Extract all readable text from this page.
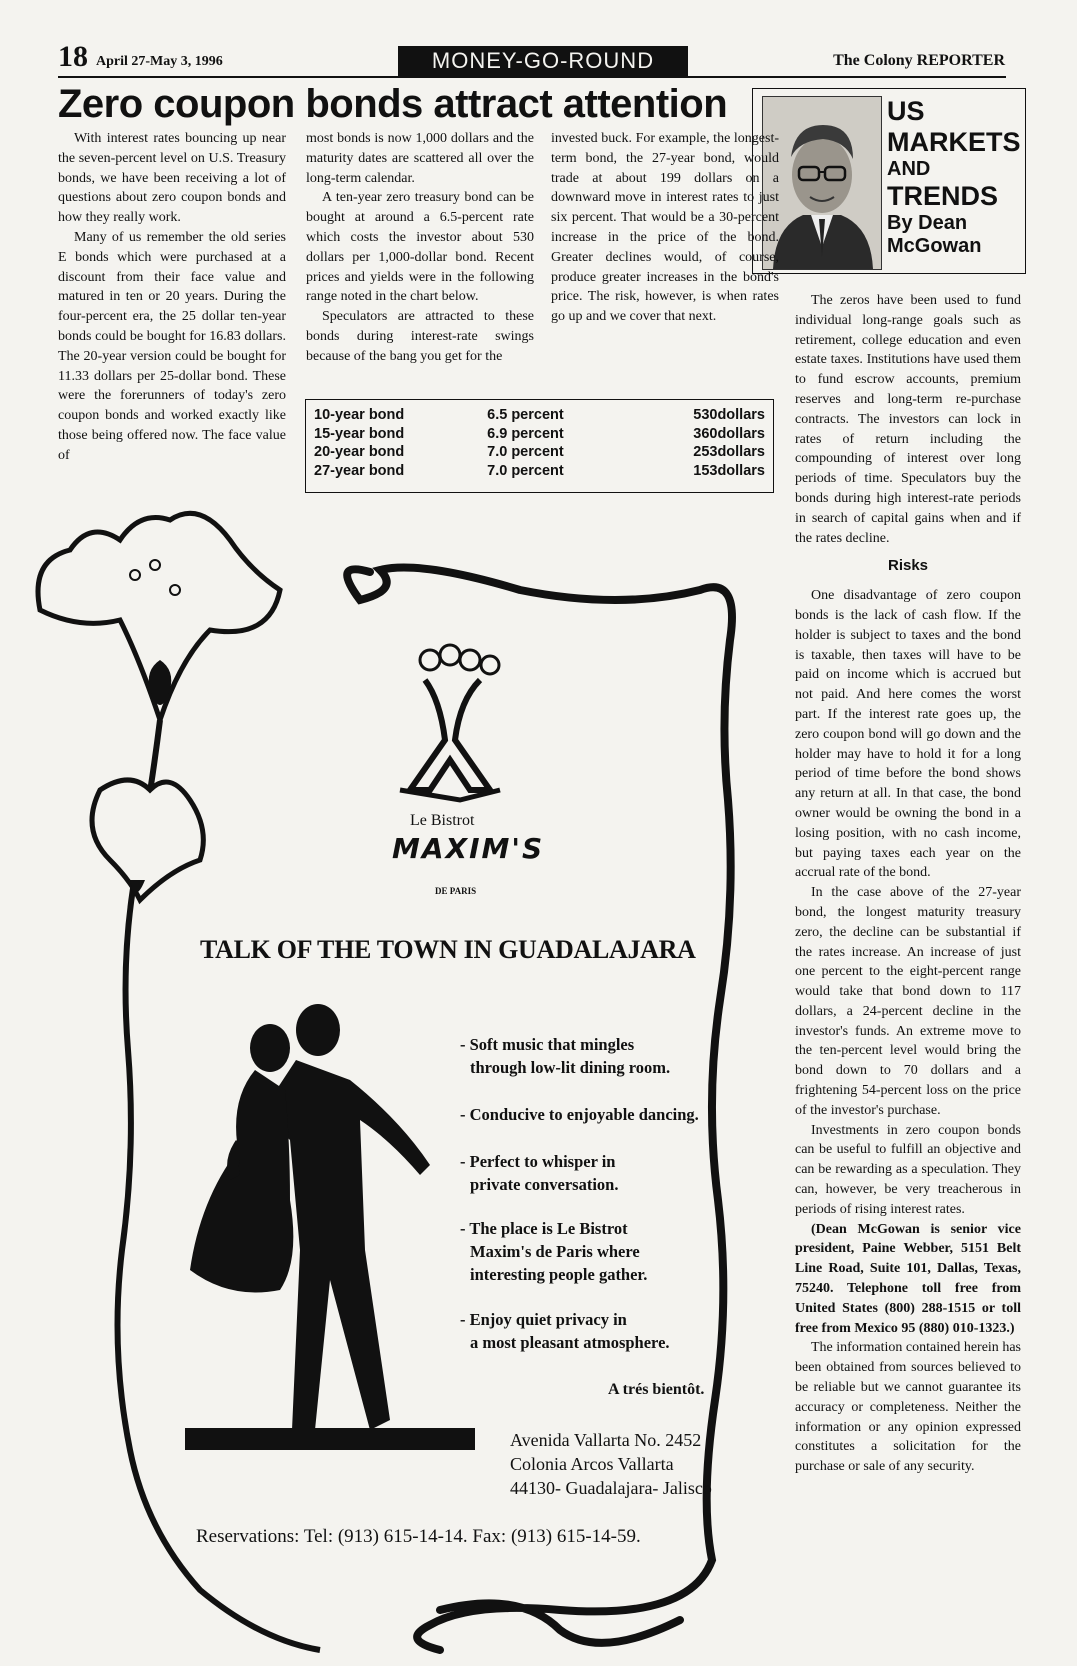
18 April 27-May 3, 1996	MONEY-GO-ROUND	The Colony REPORTER
Zero coupon bonds attract attention	US
MARKETS
AND
TRENDS
By Dean
McGowan

With interest rates bouncing up near the seven-percent level on U.S. Treasury bonds, we have been receiving a lot of questions about zero coupon bonds and how they really work.

Many of us remember the old series E bonds which were purchased at a discount from their face value and matured in ten or 20 years. During the four-percent era, the 25 dollar ten-year bonds could be bought for 16.83 dollars. The 20-year version could be bought for 11.33 dollars per 25-dollar bond. These were the forerunners of today's zero coupon bonds and worked exactly like those being offered now. The face value of

most bonds is now 1,000 dollars and the maturity dates are scattered all over the long-term calendar.

A ten-year zero treasury bond can be bought at around a 6.5-percent rate which costs the investor about 530 dollars per 1,000-dollar bond. Recent prices and yields were in the following range noted in the chart below.

Speculators are attracted to these bonds during interest-rate swings because of the bang you get for the

invested buck. For example, the longest-term bond, the 27-year bond, would trade at about 199 dollars on a downward move in interest rates to just six percent. That would be a 30-percent increase in the price of the bond. Greater declines would, of course, produce greater increases in the bond's price. The risk, however, is when rates go up and we cover that next.

The zeros have been used to fund individual long-range goals such as retirement, college education and even estate taxes. Institutions have used them to fund escrow accounts, premium reserves and long-term re-purchase contracts. The investors can lock in rates of return including the compounding of interest over long periods of time. Speculators buy the bonds during high interest-rate periods in search of capital gains when and if the rates decline.

Risks

One disadvantage of zero coupon bonds is the lack of cash flow. If the holder is subject to taxes and the bond is taxable, then taxes will have to be paid on income which is accrued but not paid. And here comes the worst part. If the interest rate goes up, the zero coupon bond will go down and the holder may have to hold it for a long period of time before the bond shows any return at all. In that case, the bond owner would be owning the bond in a losing position, with no cash income, but paying taxes each year on the accrual rate of the bond.

In the case above of the 27-year bond, the longest maturity treasury zero, the decline can be substantial if the rates increase. An increase of just one percent to the eight-percent range would take that bond down to 117 dollars, a 24-percent decline in the investor's funds. An extreme move to the ten-percent level would bring the bond down to 70 dollars and a frightening 54-percent loss on the price of the investor's purchase.

Investments in zero coupon bonds can be useful to fulfill an objective and can be rewarding as a speculation. They can, however, be very treacherous in periods of rising interest rates.

(Dean McGowan is senior vice president, Paine Webber, 5151 Belt Line Road, Suite 101, Dallas, Texas, 75240. Telephone toll free from United States (800) 288-1515 or toll free from Mexico 95 (880) 010-1323.)

The information contained herein has been obtained from sources believed to be reliable but we cannot guarantee its accuracy or completeness. Neither the information or any opinion expressed constitutes a solicitation for the purchase or sale of any security.

10-year bond	6.5 percent	530dollars
15-year bond	6.9 percent	360dollars
20-year bond	7.0 percent	253dollars
27-year bond	7.0 percent	153dollars
Le Bistrot
MAXIM'S
DE PARIS
TALK OF THE TOWN IN GUADALAJARA
- Soft music that mingles
through low-lit dining room.
- Conducive to enjoyable dancing.
- Perfect to whisper in
private conversation.
- The place is Le Bistrot
Maxim's de Paris where
interesting people gather.
- Enjoy quiet privacy in
a most pleasant atmosphere.
A trés bientôt.
Avenida Vallarta No. 2452
Colonia Arcos Vallarta
44130- Guadalajara- Jalisco
Reservations: Tel: (913) 615-14-14. Fax: (913) 615-14-59.
